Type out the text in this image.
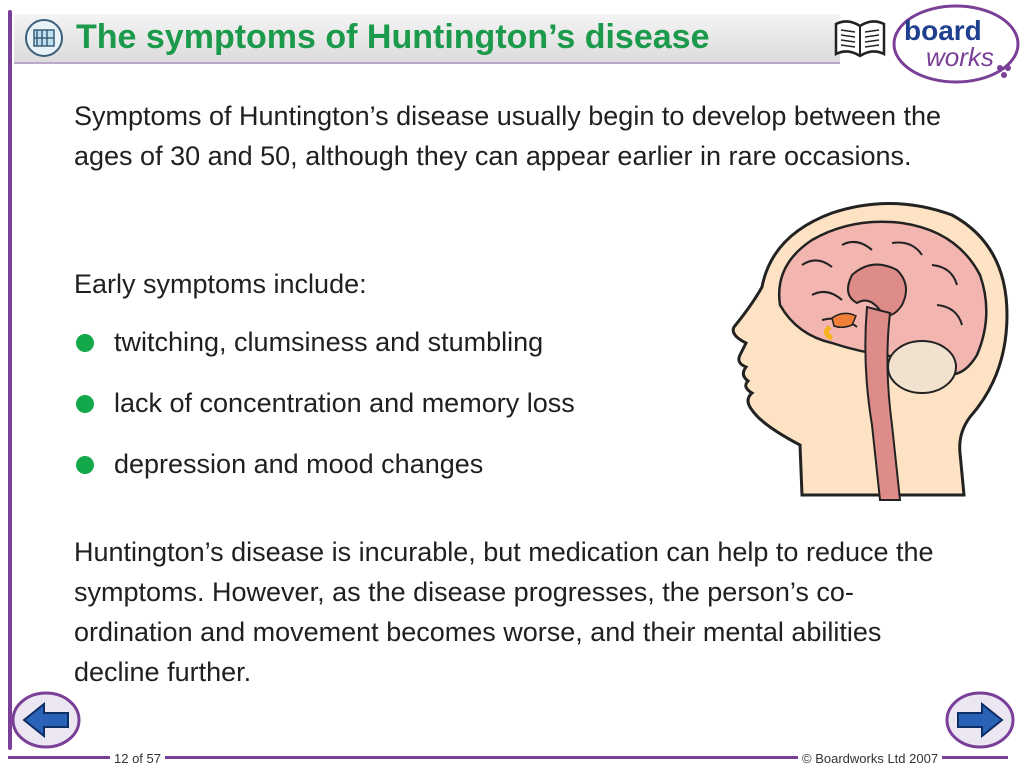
The symptoms of Huntington’s disease	board
works
Symptoms of Huntington’s disease usually begin to develop between the ages of 30 and 50, although they can appear earlier in rare occasions.
Early symptoms include:
twitching, clumsiness and stumbling
lack of concentration and memory loss
depression and mood changes
Huntington’s disease is incurable, but medication can help to reduce the symptoms. However, as the disease progresses, the person’s co-ordination and movement becomes worse, and their mental abilities decline further.
12 of 57	© Boardworks Ltd 2007
